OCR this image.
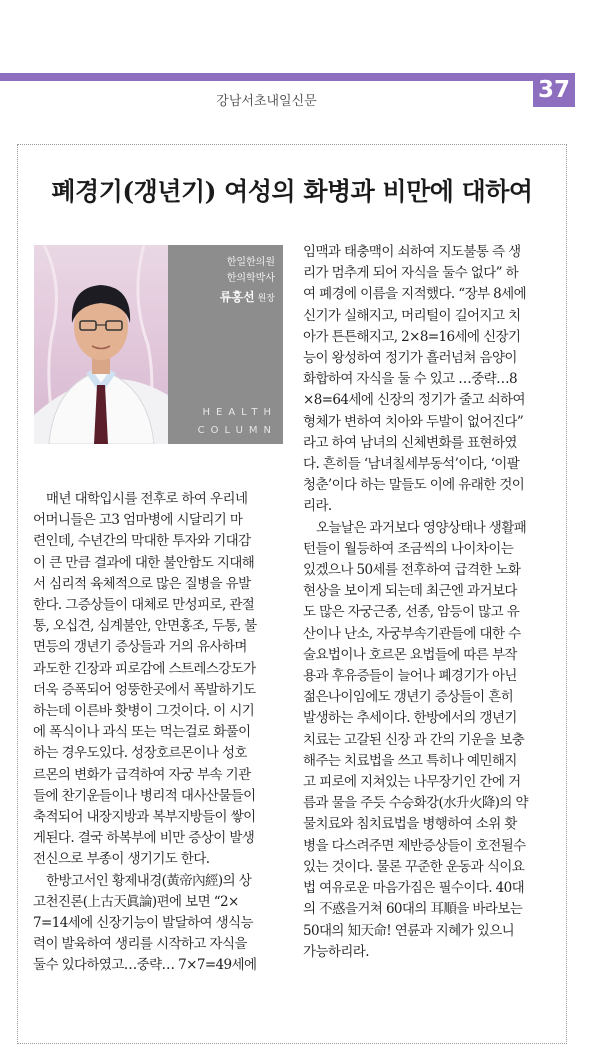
37
강남서초내일신문
폐경기(갱년기) 여성의 화병과 비만에 대하여
한일한의원
한의학박사
류홍선 원장
HEALTH
COLUMN
매년 대학입시를 전후로 하여 우리네
어머니들은 고3 엄마병에 시달리기 마
련인데, 수년간의 막대한 투자와 기대감
이 큰 만큼 결과에 대한 불안함도 지대해
서 심리적 육체적으로 많은 질병을 유발
한다. 그증상들이 대체로 만성피로, 관절
통, 오십견, 심계불안, 안면홍조, 두통, 불
면등의 갱년기 증상들과 거의 유사하며
과도한 긴장과 피로감에 스트레스강도가
더욱 증폭되어 엉뚱한곳에서 폭발하기도
하는데 이른바 홧병이 그것이다. 이 시기
에 폭식이나 과식 또는 먹는걸로 화풀이
하는 경우도있다. 성장호르몬이나 성호
르몬의 변화가 급격하여 자궁 부속 기관
들에 찬기운들이나 병리적 대사산물들이
축적되어 내장지방과 복부지방들이 쌓이
게된다. 결국 하복부에 비만 증상이 발생
전신으로 부종이 생기기도 한다.
한방고서인 황제내경(黃帝內經)의 상
고천진론(上古天眞論)편에 보면 “2×
7=14세에 신장기능이 발달하여 생식능
력이 발육하여 생리를 시작하고 자식을
둘수 있다하였고…중략… 7×7=49세에
임맥과 태충맥이 쇠하여 지도불통 즉 생
리가 멈추게 되어 자식을 둘수 없다” 하
여 폐경에 이름을 지적했다. “장부 8세에
신기가 실해지고, 머리털이 길어지고 치
아가 튼튼해지고, 2×8=16세에 신장기
능이 왕성하여 정기가 흘러넘쳐 음양이
화합하여 자식을 둘 수 있고 …중략…8
×8=64세에 신장의 정기가 줄고 쇠하여
형체가 변하여 치아와 두발이 없어진다”
라고 하여 남녀의 신체변화를 표현하였
다. 흔히들 ‘남녀칠세부동석’이다, ‘이팔
청춘’이다 하는 말들도 이에 유래한 것이
리라.
오늘날은 과거보다 영양상태나 생활패
턴들이 월등하여 조금씩의 나이차이는
있겠으나 50세를 전후하여 급격한 노화
현상을 보이게 되는데 최근엔 과거보다
도 많은 자궁근종, 선종, 암등이 많고 유
산이나 난소, 자궁부속기관들에 대한 수
술요법이나 호르몬 요법들에 따른 부작
용과 후유증들이 늘어나 폐경기가 아닌
젊은나이임에도 갱년기 증상들이 흔히
발생하는 추세이다. 한방에서의 갱년기
치료는 고갈된 신장 과 간의 기운을 보충
해주는 치료법을 쓰고 특히나 예민해지
고 피로에 지쳐있는 나무장기인 간에 거
름과 물을 주듯 수승화강(水升火降)의 약
물치료와 침치료법을 병행하여 소위 홧
병을 다스려주면 제반증상들이 호전될수
있는 것이다. 물론 꾸준한 운동과 식이요
법 여유로운 마음가짐은 필수이다. 40대
의 不惑을거쳐 60대의 耳順을 바라보는
50대의 知天命! 연륜과 지혜가 있으니
가능하리라.
